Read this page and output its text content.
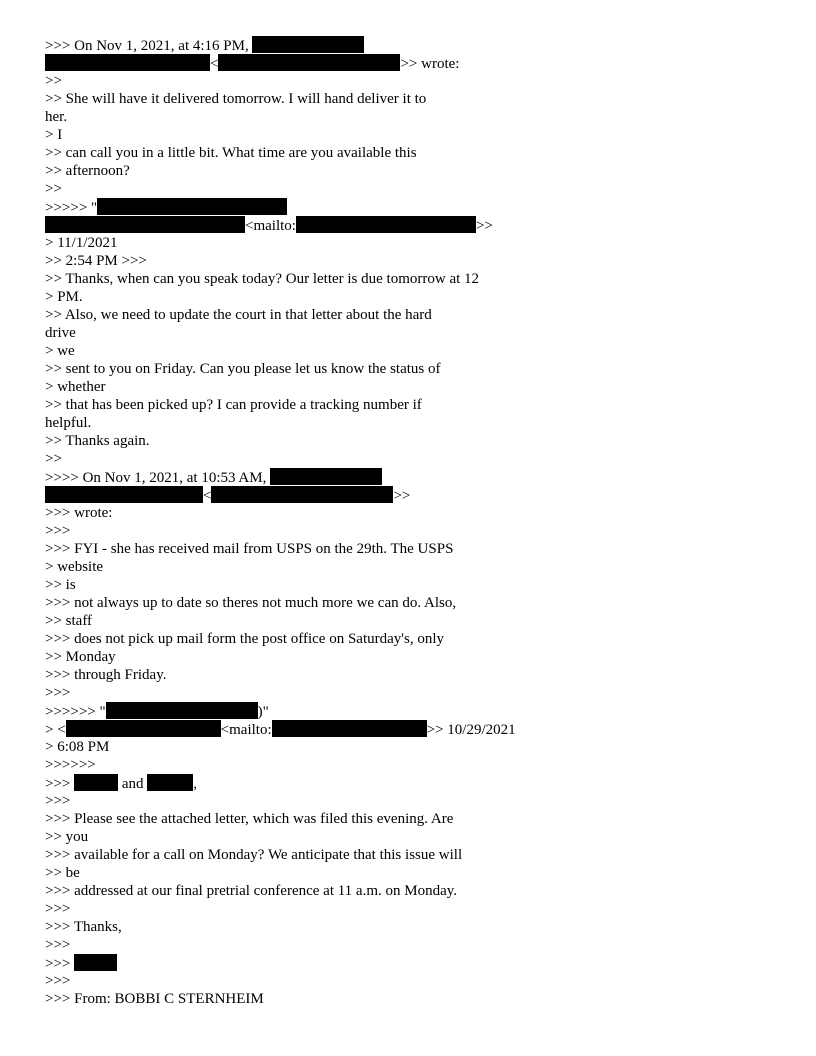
>>> On Nov 1, 2021, at 4:16 PM,
<	>> wrote:
>>
>> She will have it delivered tomorrow. I will hand deliver it to
her.
> I
>> can call you in a little bit. What time are you available this
>> afternoon?
>>
>>>>> "
<mailto:	>>
> 11/1/2021
>> 2:54 PM >>>
>> Thanks, when can you speak today? Our letter is due tomorrow at 12
> PM.
>> Also, we need to update the court in that letter about the hard
drive
> we
>> sent to you on Friday. Can you please let us know the status of
> whether
>> that has been picked up? I can provide a tracking number if
helpful.
>> Thanks again.
>>
>>>> On Nov 1, 2021, at 10:53 AM,
<	>>
>>> wrote:
>>>
>>> FYI - she has received mail from USPS on the 29th. The USPS
> website
>> is
>>> not always up to date so theres not much more we can do. Also,
>> staff
>>> does not pick up mail form the post office on Saturday's, only
>> Monday
>>> through Friday.
>>>
>>>>>> "	)"
> <	<mailto:	>> 10/29/2021
> 6:08 PM
>>>>>>
>>>	and	,
>>>
>>> Please see the attached letter, which was filed this evening. Are
>> you
>>> available for a call on Monday? We anticipate that this issue will
>> be
>>> addressed at our final pretrial conference at 11 a.m. on Monday.
>>>
>>> Thanks,
>>>
>>>
>>>
>>> From: BOBBI C STERNHEIM
